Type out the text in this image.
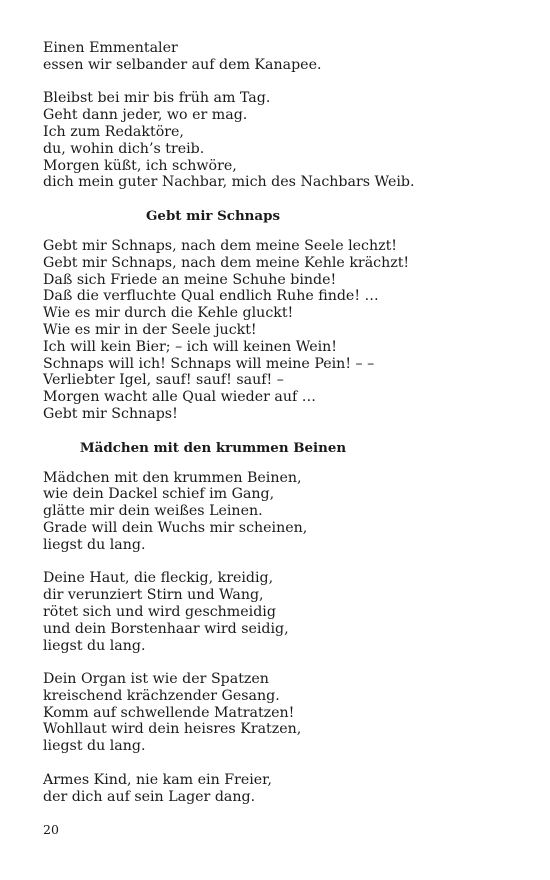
Einen Emmentaler
essen wir selbander auf dem Kanapee.
Bleibst bei mir bis früh am Tag.
Geht dann jeder, wo er mag.
Ich zum Redaktöre,
du, wohin dich’s treib.
Morgen küßt, ich schwöre,
dich mein guter Nachbar, mich des Nachbars Weib.
Gebt mir Schnaps
Gebt mir Schnaps, nach dem meine Seele lechzt!
Gebt mir Schnaps, nach dem meine Kehle krächzt!
Daß sich Friede an meine Schuhe binde!
Daß die verfluchte Qual endlich Ruhe finde! …
Wie es mir durch die Kehle gluckt!
Wie es mir in der Seele juckt!
Ich will kein Bier; – ich will keinen Wein!
Schnaps will ich! Schnaps will meine Pein! – –
Verliebter Igel, sauf! sauf! sauf! –
Morgen wacht alle Qual wieder auf …
Gebt mir Schnaps!
Mädchen mit den krummen Beinen
Mädchen mit den krummen Beinen,
wie dein Dackel schief im Gang,
glätte mir dein weißes Leinen.
Grade will dein Wuchs mir scheinen,
liegst du lang.
Deine Haut, die fleckig, kreidig,
dir verunziert Stirn und Wang,
rötet sich und wird geschmeidig
und dein Borstenhaar wird seidig,
liegst du lang.
Dein Organ ist wie der Spatzen
kreischend krächzender Gesang.
Komm auf schwellende Matratzen!
Wohllaut wird dein heisres Kratzen,
liegst du lang.
Armes Kind, nie kam ein Freier,
der dich auf sein Lager dang.
20
